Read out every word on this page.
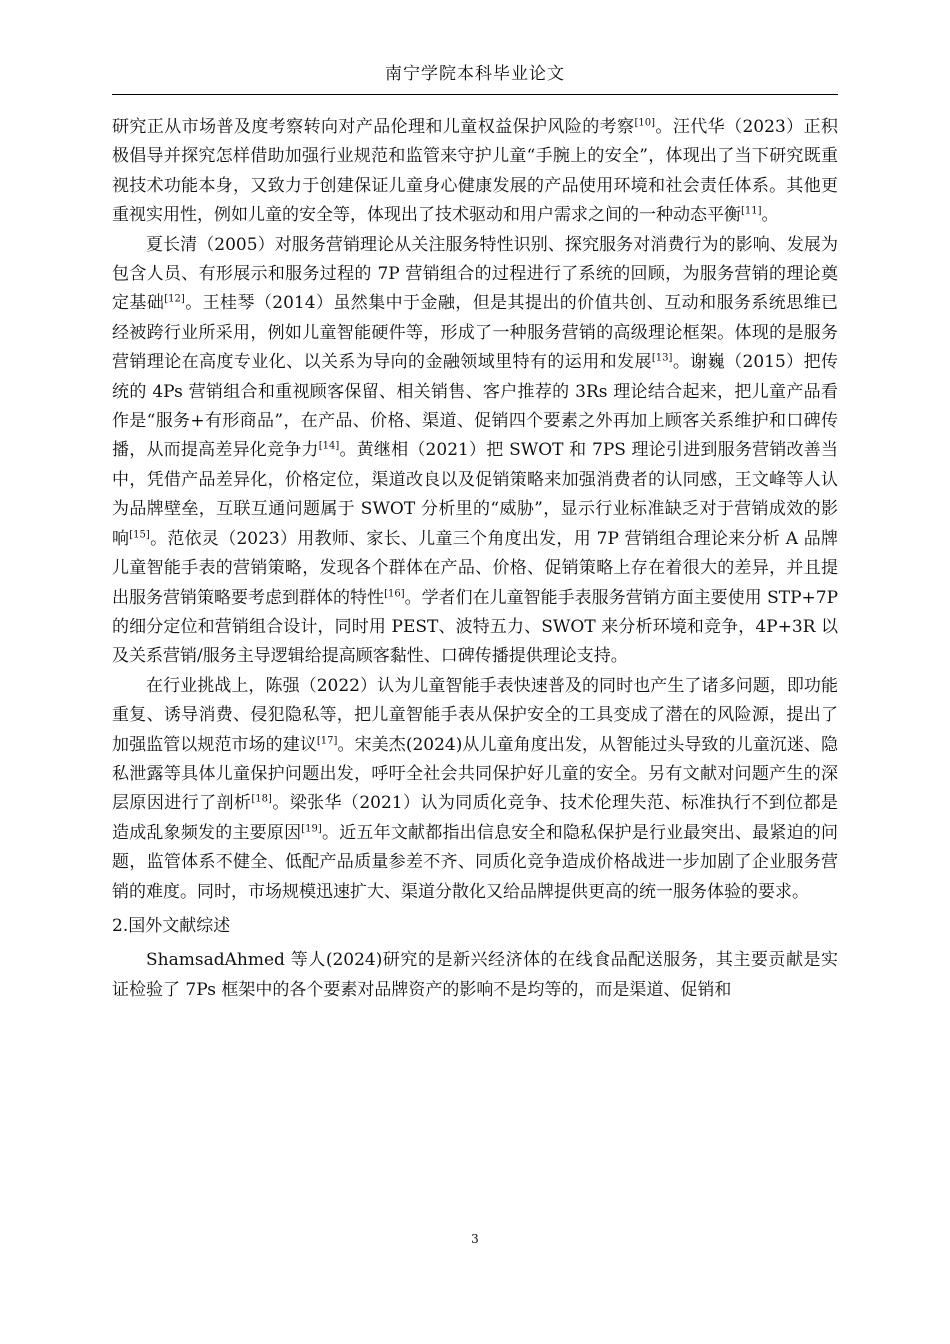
南宁学院本科毕业论文

研究正从市场普及度考察转向对产品伦理和儿童权益保护风险的考察[10]。汪代华（2023）正积极倡导并探究怎样借助加强行业规范和监管来守护儿童“手腕上的安全”，体现出了当下研究既重视技术功能本身，又致力于创建保证儿童身心健康发展的产品使用环境和社会责任体系。其他更重视实用性，例如儿童的安全等，体现出了技术驱动和用户需求之间的一种动态平衡[11]。

夏长清（2005）对服务营销理论从关注服务特性识别、探究服务对消费行为的影响、发展为包含人员、有形展示和服务过程的 7P 营销组合的过程进行了系统的回顾，为服务营销的理论奠定基础[12]。王桂琴（2014）虽然集中于金融，但是其提出的价值共创、互动和服务系统思维已经被跨行业所采用，例如儿童智能硬件等，形成了一种服务营销的高级理论框架。体现的是服务营销理论在高度专业化、以关系为导向的金融领域里特有的运用和发展[13]。谢巍（2015）把传统的 4Ps 营销组合和重视顾客保留、相关销售、客户推荐的 3Rs 理论结合起来，把儿童产品看作是“服务+有形商品”，在产品、价格、渠道、促销四个要素之外再加上顾客关系维护和口碑传播，从而提高差异化竞争力[14]。黄继相（2021）把 SWOT 和 7PS 理论引进到服务营销改善当中，凭借产品差异化，价格定位，渠道改良以及促销策略来加强消费者的认同感，王文峰等人认为品牌壁垒，互联互通问题属于 SWOT 分析里的“威胁”，显示行业标准缺乏对于营销成效的影响[15]。范依灵（2023）用教师、家长、儿童三个角度出发，用 7P 营销组合理论来分析 A 品牌儿童智能手表的营销策略，发现各个群体在产品、价格、促销策略上存在着很大的差异，并且提出服务营销策略要考虑到群体的特性[16]。学者们在儿童智能手表服务营销方面主要使用 STP+7P 的细分定位和营销组合设计，同时用 PEST、波特五力、SWOT 来分析环境和竞争，4P+3R 以及关系营销/服务主导逻辑给提高顾客黏性、口碑传播提供理论支持。

在行业挑战上，陈强（2022）认为儿童智能手表快速普及的同时也产生了诸多问题，即功能重复、诱导消费、侵犯隐私等，把儿童智能手表从保护安全的工具变成了潜在的风险源，提出了加强监管以规范市场的建议[17]。宋美杰(2024)从儿童角度出发，从智能过头导致的儿童沉迷、隐私泄露等具体儿童保护问题出发，呼吁全社会共同保护好儿童的安全。另有文献对问题产生的深层原因进行了剖析[18]。梁张华（2021）认为同质化竞争、技术伦理失范、标准执行不到位都是造成乱象频发的主要原因[19]。近五年文献都指出信息安全和隐私保护是行业最突出、最紧迫的问题，监管体系不健全、低配产品质量参差不齐、同质化竞争造成价格战进一步加剧了企业服务营销的难度。同时，市场规模迅速扩大、渠道分散化又给品牌提供更高的统一服务体验的要求。

2.国外文献综述

ShamsadAhmed 等人(2024)研究的是新兴经济体的在线食品配送服务，其主要贡献是实证检验了 7Ps 框架中的各个要素对品牌资产的影响不是均等的，而是渠道、促销和

3
